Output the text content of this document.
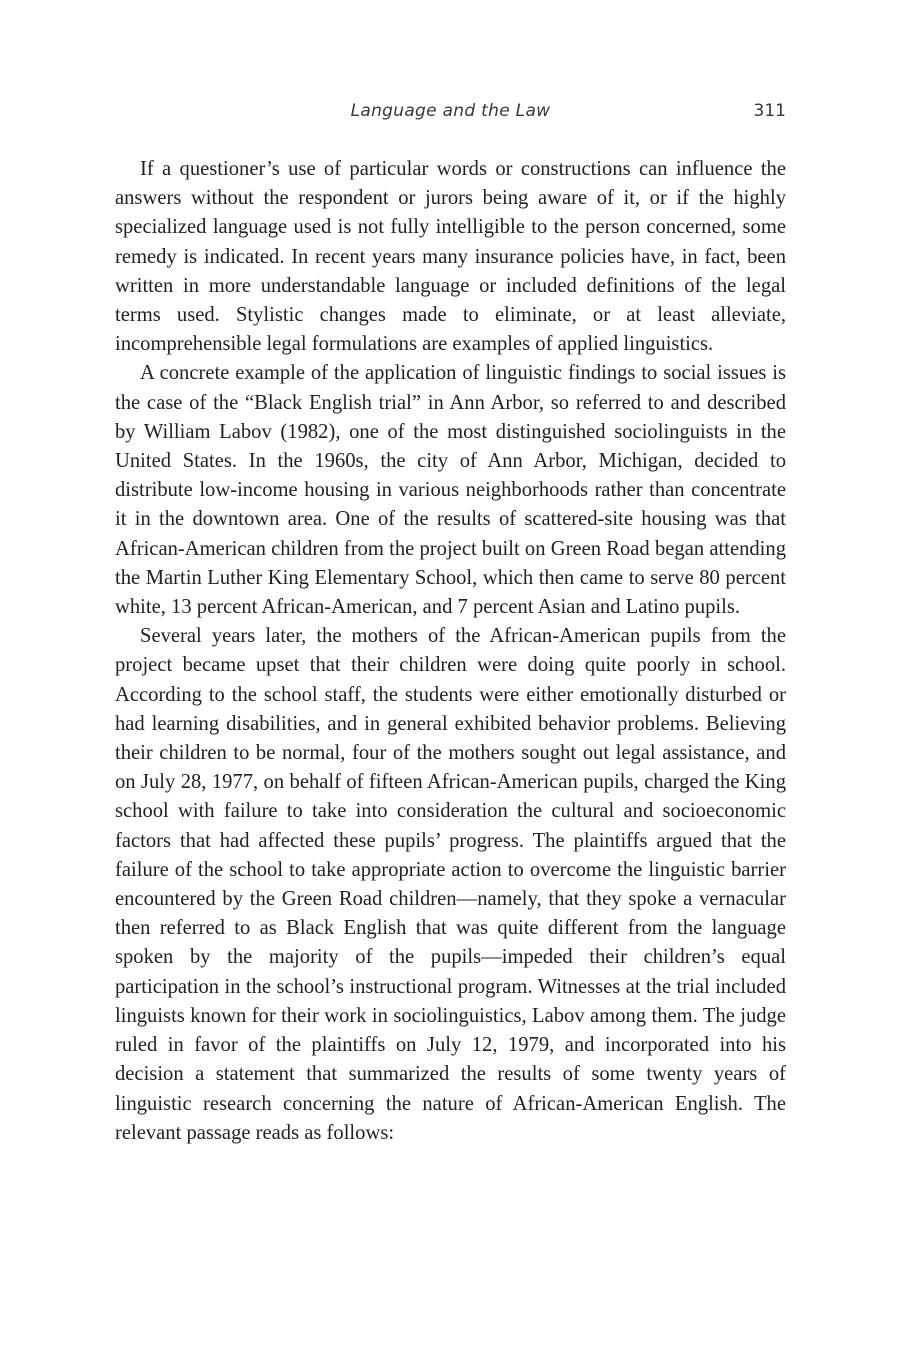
Language and the Law	311

If a questioner’s use of particular words or constructions can influence the answers without the respondent or jurors being aware of it, or if the highly specialized language used is not fully intelligible to the person concerned, some remedy is indicated. In recent years many insurance policies have, in fact, been written in more understandable language or included definitions of the legal terms used. Stylistic changes made to eliminate, or at least alleviate, incomprehensible legal formulations are examples of applied linguistics.

A concrete example of the application of linguistic findings to social issues is the case of the “Black English trial” in Ann Arbor, so referred to and described by William Labov (1982), one of the most distinguished sociolinguists in the United States. In the 1960s, the city of Ann Arbor, Michigan, decided to distribute low-income housing in various neighborhoods rather than concentrate it in the downtown area. One of the results of scattered-site housing was that African-American children from the project built on Green Road began attending the Martin Luther King Elementary School, which then came to serve 80 percent white, 13 percent African-American, and 7 percent Asian and Latino pupils.

Several years later, the mothers of the African-American pupils from the project became upset that their children were doing quite poorly in school. According to the school staff, the students were either emotionally disturbed or had learning disabilities, and in general exhibited behavior problems. Believing their children to be normal, four of the mothers sought out legal assistance, and on July 28, 1977, on behalf of fifteen African-American pupils, charged the King school with failure to take into consideration the cultural and socioeconomic factors that had affected these pupils’ progress. The plaintiffs argued that the failure of the school to take appropriate action to overcome the linguistic barrier encountered by the Green Road children—namely, that they spoke a vernacular then referred to as Black English that was quite different from the language spoken by the majority of the pupils—impeded their children’s equal participation in the school’s instructional program. Witnesses at the trial included linguists known for their work in sociolinguistics, Labov among them. The judge ruled in favor of the plaintiffs on July 12, 1979, and incorporated into his decision a statement that summarized the results of some twenty years of linguistic research concerning the nature of African-American English. The relevant passage reads as follows:
